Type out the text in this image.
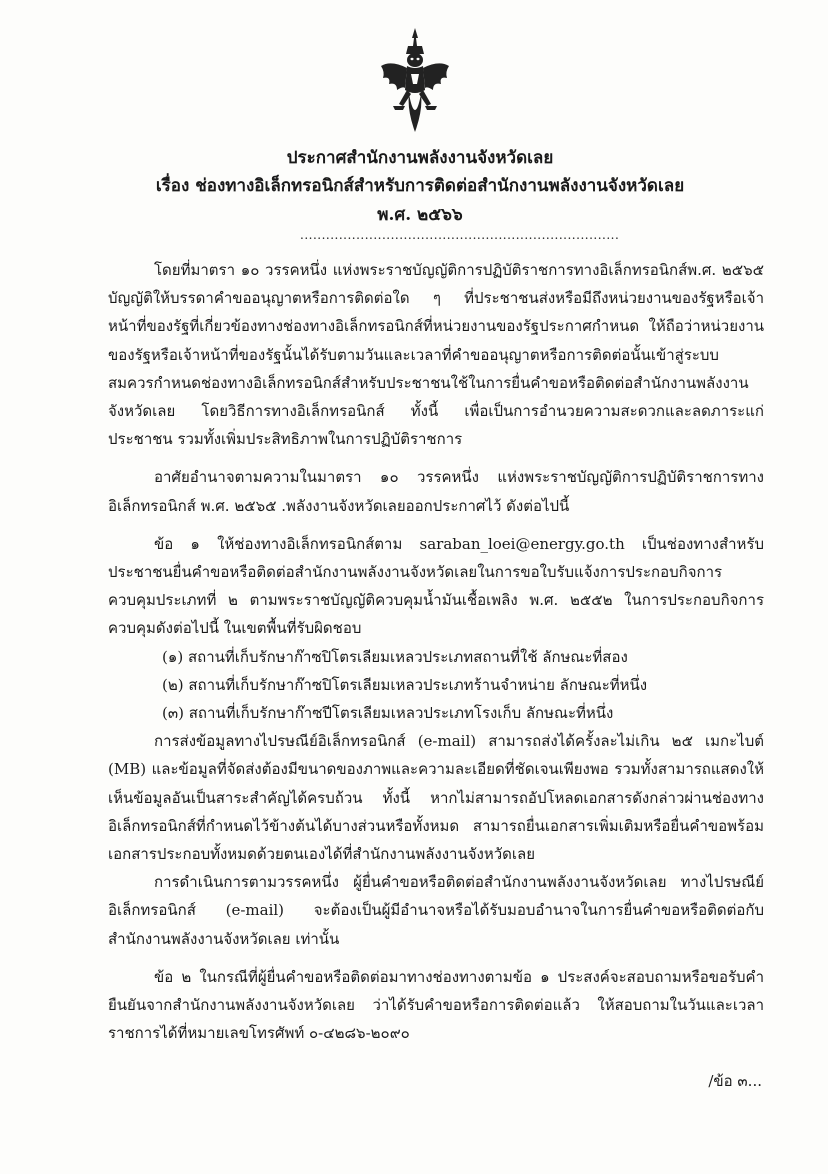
ประกาศสำนักงานพลังงานจังหวัดเลย

เรื่อง ช่องทางอิเล็กทรอนิกส์สำหรับการติดต่อสำนักงานพลังงานจังหวัดเลย

พ.ศ. ๒๕๖๖

..........................................................................

โดยที่มาตรา ๑๐ วรรคหนึ่ง แห่งพระราชบัญญัติการปฏิบัติราชการทางอิเล็กทรอนิกส์พ.ศ. ๒๕๖๕ บัญญัติให้บรรดาคำขออนุญาตหรือการติดต่อใด ๆ ที่ประชาชนส่งหรือมีถึงหน่วยงานของรัฐหรือเจ้าหน้าที่ของรัฐที่เกี่ยวข้องทางช่องทางอิเล็กทรอนิกส์ที่หน่วยงานของรัฐประกาศกำหนด ให้ถือว่าหน่วยงานของรัฐหรือเจ้าหน้าที่ของรัฐนั้นได้รับตามวันและเวลาที่คำขออนุญาตหรือการติดต่อนั้นเข้าสู่ระบบสมควรกำหนดช่องทางอิเล็กทรอนิกส์สำหรับประชาชนใช้ในการยื่นคำขอหรือติดต่อสำนักงานพลังงานจังหวัดเลย โดยวิธีการทางอิเล็กทรอนิกส์ ทั้งนี้ เพื่อเป็นการอำนวยความสะดวกและลดภาระแก่ประชาชน รวมทั้งเพิ่มประสิทธิภาพในการปฏิบัติราชการ

อาศัยอำนาจตามความในมาตรา ๑๐ วรรคหนึ่ง แห่งพระราชบัญญัติการปฏิบัติราชการทางอิเล็กทรอนิกส์ พ.ศ. ๒๕๖๕ .พลังงานจังหวัดเลยออกประกาศไว้ ดังต่อไปนี้

ข้อ ๑ ให้ช่องทางอิเล็กทรอนิกส์ตาม saraban_loei@energy.go.th เป็นช่องทางสำหรับประชาชนยื่นคำขอหรือติดต่อสำนักงานพลังงานจังหวัดเลยในการขอใบรับแจ้งการประกอบกิจการควบคุมประเภทที่ ๒ ตามพระราชบัญญัติควบคุมน้ำมันเชื้อเพลิง พ.ศ. ๒๕๕๒ ในการประกอบกิจการควบคุมดังต่อไปนี้ ในเขตพื้นที่รับผิดชอบ

(๑) สถานที่เก็บรักษาก๊าซปิโตรเลียมเหลวประเภทสถานที่ใช้ ลักษณะที่สอง

(๒) สถานที่เก็บรักษาก๊าซปิโตรเลียมเหลวประเภทร้านจำหน่าย ลักษณะที่หนึ่ง

(๓) สถานที่เก็บรักษาก๊าซปีโตรเลียมเหลวประเภทโรงเก็บ ลักษณะที่หนึ่ง

การส่งข้อมูลทางไปรษณีย์อิเล็กทรอนิกส์ (e-mail) สามารถส่งได้ครั้งละไม่เกิน ๒๕ เมกะไบต์ (MB) และข้อมูลที่จัดส่งต้องมีขนาดของภาพและความละเอียดที่ชัดเจนเพียงพอ รวมทั้งสามารถแสดงให้เห็นข้อมูลอันเป็นสาระสำคัญได้ครบถ้วน ทั้งนี้ หากไม่สามารถอัปโหลดเอกสารดังกล่าวผ่านช่องทางอิเล็กทรอนิกส์ที่กำหนดไว้ข้างต้นได้บางส่วนหรือทั้งหมด สามารถยื่นเอกสารเพิ่มเติมหรือยื่นคำขอพร้อมเอกสารประกอบทั้งหมดด้วยตนเองได้ที่สำนักงานพลังงานจังหวัดเลย

การดำเนินการตามวรรคหนึ่ง ผู้ยื่นคำขอหรือติดต่อสำนักงานพลังงานจังหวัดเลย ทางไปรษณีย์อิเล็กทรอนิกส์ (e-mail) จะต้องเป็นผู้มีอำนาจหรือได้รับมอบอำนาจในการยื่นคำขอหรือติดต่อกับสำนักงานพลังงานจังหวัดเลย เท่านั้น

ข้อ ๒ ในกรณีที่ผู้ยื่นคำขอหรือติดต่อมาทางช่องทางตามข้อ ๑ ประสงค์จะสอบถามหรือขอรับคำยืนยันจากสำนักงานพลังงานจังหวัดเลย ว่าได้รับคำขอหรือการติดต่อแล้ว ให้สอบถามในวันและเวลาราชการได้ที่หมายเลขโทรศัพท์ ๐-๔๒๘๖-๒๐๙๐

/ข้อ ๓...
